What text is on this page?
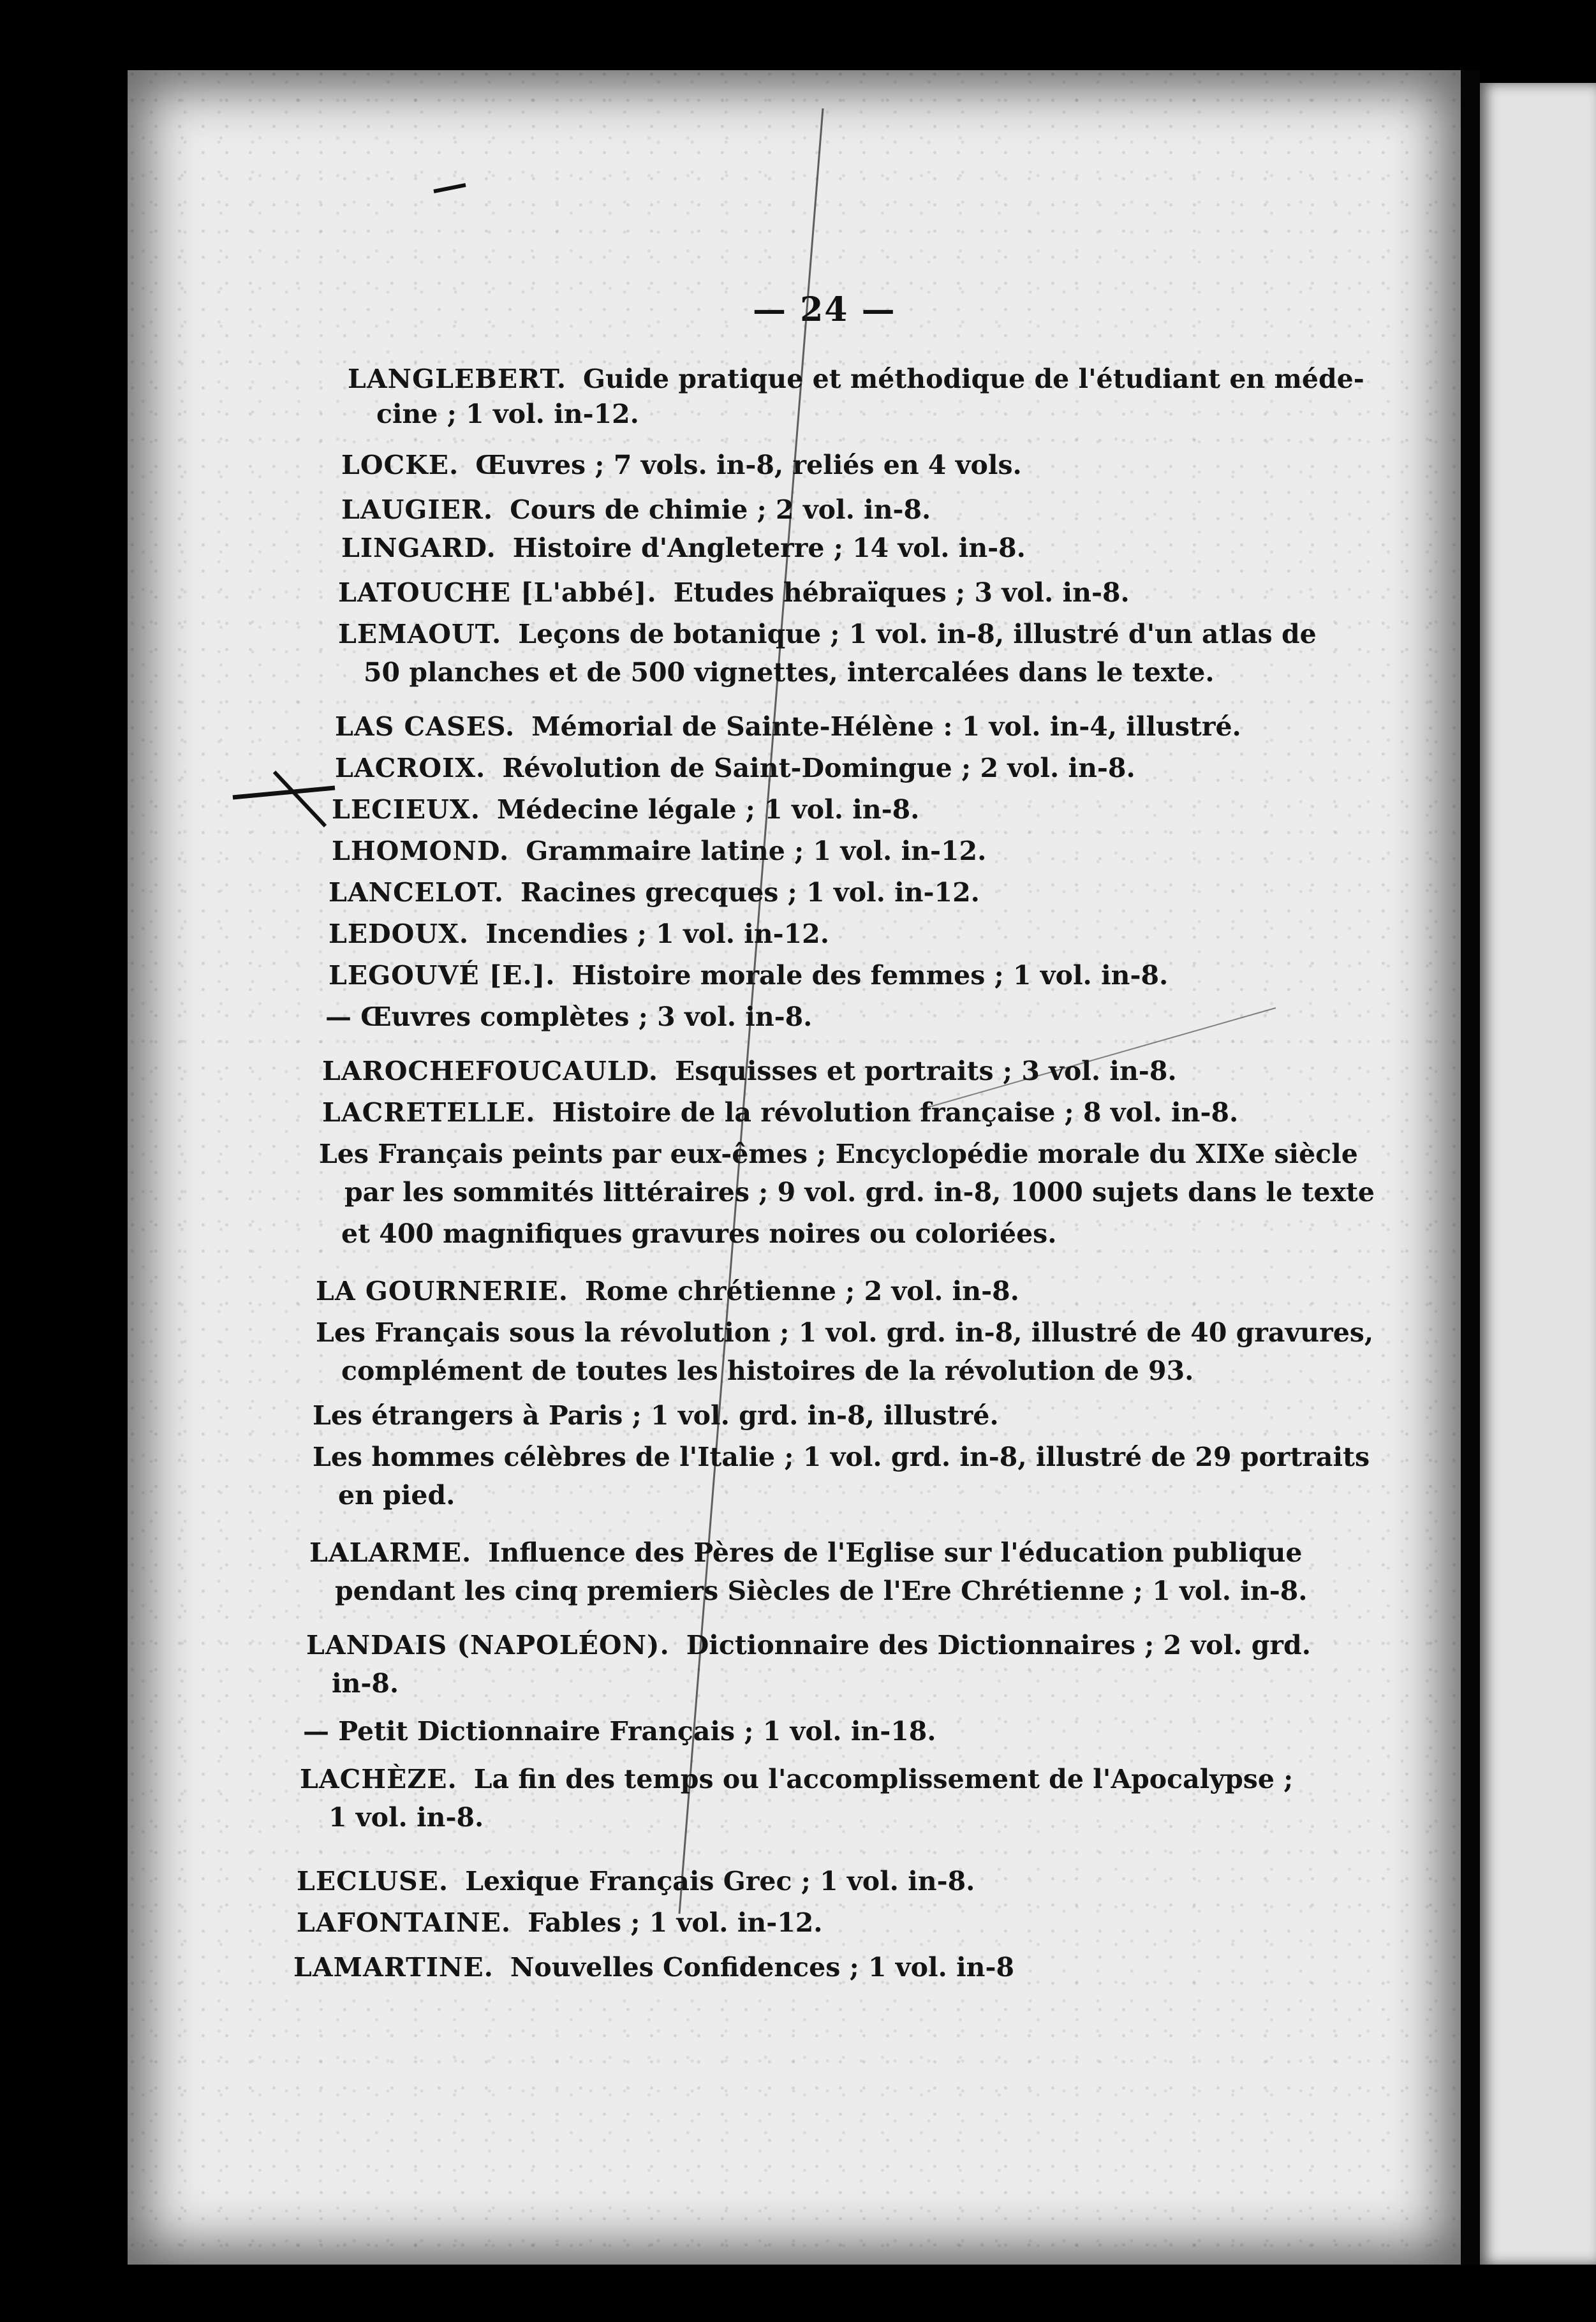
— 24 —
LANGLEBERT. Guide pratique et méthodique de l'étudiant en méde-
cine ; 1 vol. in-12.
LOCKE. Œuvres ; 7 vols. in-8, reliés en 4 vols.
LAUGIER. Cours de chimie ; 2 vol. in-8.
LINGARD. Histoire d'Angleterre ; 14 vol. in-8.
LATOUCHE [L'abbé]. Etudes hébraïques ; 3 vol. in-8.
LEMAOUT. Leçons de botanique ; 1 vol. in-8, illustré d'un atlas de
50 planches et de 500 vignettes, intercalées dans le texte.
LAS CASES. Mémorial de Sainte-Hélène : 1 vol. in-4, illustré.
LACROIX. Révolution de Saint-Domingue ; 2 vol. in-8.
LECIEUX. Médecine légale ; 1 vol. in-8.
LHOMOND. Grammaire latine ; 1 vol. in-12.
LANCELOT. Racines grecques ; 1 vol. in-12.
LEDOUX. Incendies ; 1 vol. in-12.
LEGOUVÉ [E.]. Histoire morale des femmes ; 1 vol. in-8.
— Œuvres complètes ; 3 vol. in-8.
LAROCHEFOUCAULD. Esquisses et portraits ; 3 vol. in-8.
LACRETELLE. Histoire de la révolution française ; 8 vol. in-8.
Les Français peints par eux-êmes ; Encyclopédie morale du XIXe siècle
par les sommités littéraires ; 9 vol. grd. in-8, 1000 sujets dans le texte
et 400 magnifiques gravures noires ou coloriées.
LA GOURNERIE. Rome chrétienne ; 2 vol. in-8.
Les Français sous la révolution ; 1 vol. grd. in-8, illustré de 40 gravures,
complément de toutes les histoires de la révolution de 93.
Les étrangers à Paris ; 1 vol. grd. in-8, illustré.
Les hommes célèbres de l'Italie ; 1 vol. grd. in-8, illustré de 29 portraits
en pied.
LALARME. Influence des Pères de l'Eglise sur l'éducation publique
pendant les cinq premiers Siècles de l'Ere Chrétienne ; 1 vol. in-8.
LANDAIS (NAPOLÉON). Dictionnaire des Dictionnaires ; 2 vol. grd.
in-8.
— Petit Dictionnaire Français ; 1 vol. in-18.
LACHÈZE. La fin des temps ou l'accomplissement de l'Apocalypse ;
1 vol. in-8.
LECLUSE. Lexique Français Grec ; 1 vol. in-8.
LAFONTAINE. Fables ; 1 vol. in-12.
LAMARTINE. Nouvelles Confidences ; 1 vol. in-8
